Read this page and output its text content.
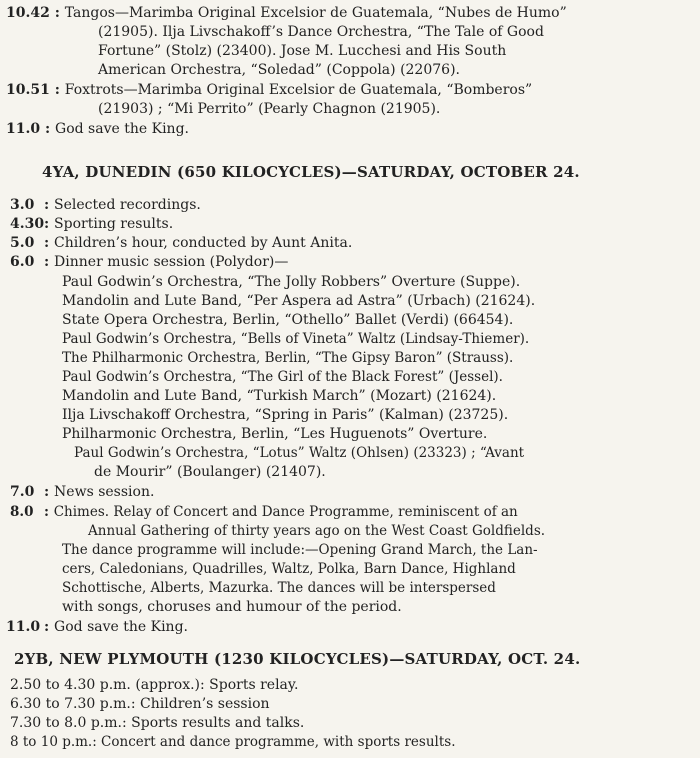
10.42 : Tangos—Marimba Original Excelsior de Guatemala, “Nubes de Humo”
(21905). Ilja Livschakoff’s Dance Orchestra, “The Tale of Good
Fortune” (Stolz) (23400). Jose M. Lucchesi and His South
American Orchestra, “Soledad” (Coppola) (22076).
10.51 : Foxtrots—Marimba Original Excelsior de Guatemala, “Bomberos”
(21903) ; “Mi Perrito” (Pearly Chagnon (21905).
11.0 : God save the King.
4YA, DUNEDIN (650 KILOCYCLES)—SATURDAY, OCTOBER 24.
3.0 : Selected recordings.
4.30: Sporting results.
5.0 : Children’s hour, conducted by Aunt Anita.
6.0 : Dinner music session (Polydor)—
Paul Godwin’s Orchestra, “The Jolly Robbers” Overture (Suppe).
Mandolin and Lute Band, “Per Aspera ad Astra” (Urbach) (21624).
State Opera Orchestra, Berlin, “Othello” Ballet (Verdi) (66454).
Paul Godwin’s Orchestra, “Bells of Vineta” Waltz (Lindsay-Thiemer).
The Philharmonic Orchestra, Berlin, “The Gipsy Baron” (Strauss).
Paul Godwin’s Orchestra, “The Girl of the Black Forest” (Jessel).
Mandolin and Lute Band, “Turkish March” (Mozart) (21624).
Ilja Livschakoff Orchestra, “Spring in Paris” (Kalman) (23725).
Philharmonic Orchestra, Berlin, “Les Huguenots” Overture.
Paul Godwin’s Orchestra, “Lotus” Waltz (Ohlsen) (23323) ; “Avant
de Mourir” (Boulanger) (21407).
7.0 : News session.
8.0 : Chimes. Relay of Concert and Dance Programme, reminiscent of an
Annual Gathering of thirty years ago on the West Coast Goldfields.
The dance programme will include:—Opening Grand March, the Lan-
cers, Caledonians, Quadrilles, Waltz, Polka, Barn Dance, Highland
Schottische, Alberts, Mazurka. The dances will be interspersed
with songs, choruses and humour of the period.
11.0 : God save the King.
2YB, NEW PLYMOUTH (1230 KILOCYCLES)—SATURDAY, OCT. 24.
2.50 to 4.30 p.m. (approx.): Sports relay.
6.30 to 7.30 p.m.: Children’s session
7.30 to 8.0 p.m.: Sports results and talks.
8 to 10 p.m.: Concert and dance programme, with sports results.
